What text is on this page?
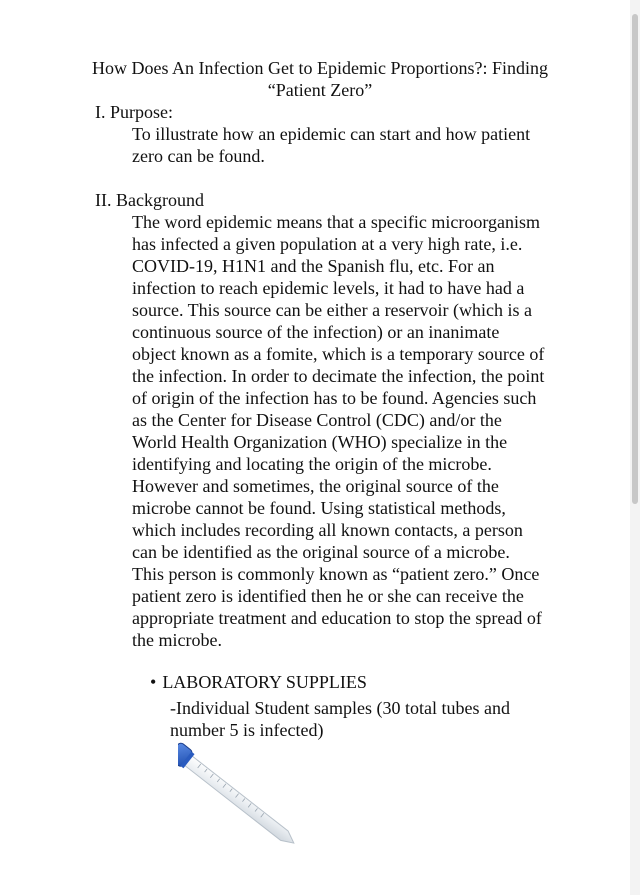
How Does An Infection Get to Epidemic Proportions?: Finding
“Patient Zero”
I. Purpose:
To illustrate how an epidemic can start and how patient
zero can be found.
II. Background
The word epidemic means that a specific microorganism
has infected a given population at a very high rate, i.e.
COVID-19, H1N1 and the Spanish flu, etc. For an
infection to reach epidemic levels, it had to have had a
source. This source can be either a reservoir (which is a
continuous source of the infection) or an inanimate
object known as a fomite, which is a temporary source of
the infection. In order to decimate the infection, the point
of origin of the infection has to be found. Agencies such
as the Center for Disease Control (CDC) and/or the
World Health Organization (WHO) specialize in the
identifying and locating the origin of the microbe.
However and sometimes, the original source of the
microbe cannot be found. Using statistical methods,
which includes recording all known contacts, a person
can be identified as the original source of a microbe.
This person is commonly known as “patient zero.” Once
patient zero is identified then he or she can receive the
appropriate treatment and education to stop the spread of
the microbe.
• LABORATORY SUPPLIES
-Individual Student samples (30 total tubes and
number 5 is infected)
